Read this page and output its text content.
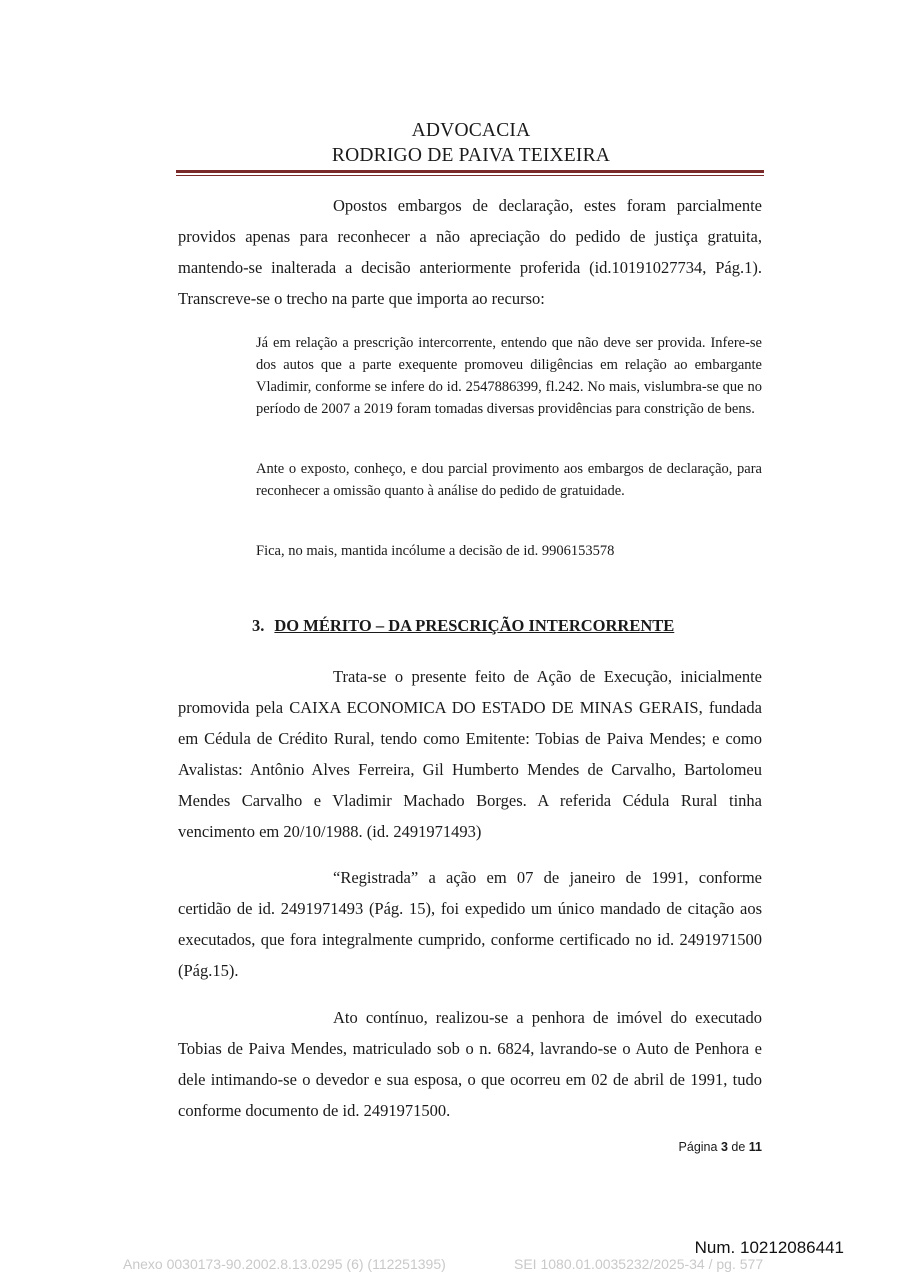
ADVOCACIA
RODRIGO DE PAIVA TEIXEIRA

Opostos embargos de declaração, estes foram parcialmente providos apenas para reconhecer a não apreciação do pedido de justiça gratuita, mantendo-se inalterada a decisão anteriormente proferida (id.10191027734, Pág.1). Transcreve-se o trecho na parte que importa ao recurso:

Já em relação a prescrição intercorrente, entendo que não deve ser provida. Infere-se dos autos que a parte exequente promoveu diligências em relação ao embargante Vladimir, conforme se infere do id. 2547886399, fl.242. No mais, vislumbra-se que no período de 2007 a 2019 foram tomadas diversas providências para constrição de bens.

Ante o exposto, conheço, e dou parcial provimento aos embargos de declaração, para reconhecer a omissão quanto à análise do pedido de gratuidade.

Fica, no mais, mantida incólume a decisão de id. 9906153578

3. DO MÉRITO – DA PRESCRIÇÃO INTERCORRENTE

Trata-se o presente feito de Ação de Execução, inicialmente promovida pela CAIXA ECONOMICA DO ESTADO DE MINAS GERAIS, fundada em Cédula de Crédito Rural, tendo como Emitente: Tobias de Paiva Mendes; e como Avalistas: Antônio Alves Ferreira, Gil Humberto Mendes de Carvalho, Bartolomeu Mendes Carvalho e Vladimir Machado Borges. A referida Cédula Rural tinha vencimento em 20/10/1988. (id. 2491971493)

“Registrada” a ação em 07 de janeiro de 1991, conforme certidão de id. 2491971493 (Pág. 15), foi expedido um único mandado de citação aos executados, que fora integralmente cumprido, conforme certificado no id. 2491971500 (Pág.15).

Ato contínuo, realizou-se a penhora de imóvel do executado Tobias de Paiva Mendes, matriculado sob o n. 6824, lavrando-se o Auto de Penhora e dele intimando-se o devedor e sua esposa, o que ocorreu em 02 de abril de 1991, tudo conforme documento de id. 2491971500.

Página 3 de 11
Num. 10212086441
Anexo 0030173-90.2002.8.13.0295 (6) (112251395)	SEI 1080.01.0035232/2025-34 / pg. 577
